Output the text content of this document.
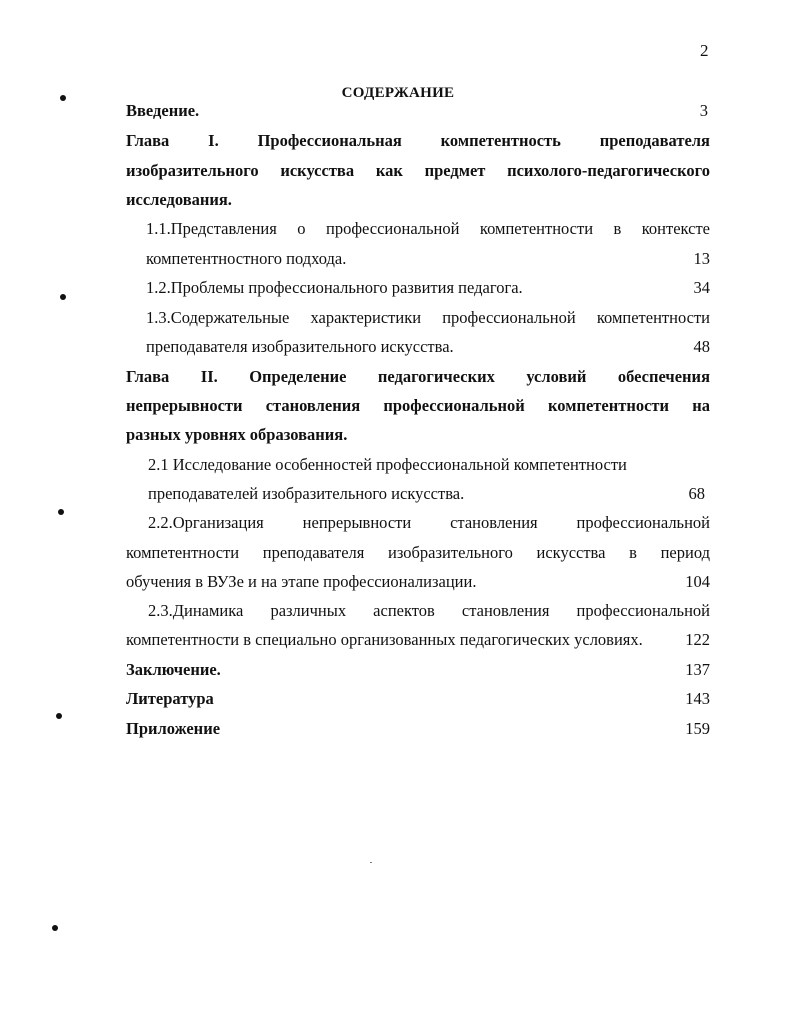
2
СОДЕРЖАНИЕ
Введение.	3
Глава I. Профессиональная компетентность преподавателя
изобразительного искусства как предмет психолого-педагогического
исследования.
1.1.Представления о профессиональной компетентности в контексте
компетентностного подхода.	13
1.2.Проблемы профессионального развития педагога.	34
1.3.Содержательные характеристики профессиональной компетентности
преподавателя изобразительного искусства.	48
Глава II. Определение педагогических условий обеспечения
непрерывности становления профессиональной компетентности на
разных уровнях образования.
2.1 Исследование особенностей профессиональной компетентности
преподавателей изобразительного искусства.	68
2.2.Организация непрерывности становления профессиональной
компетентности преподавателя изобразительного искусства в период
обучения в ВУЗе и на этапе профессионализации.	104
2.3.Динамика различных аспектов становления профессиональной
компетентности в специально организованных педагогических условиях.	122
Заключение.	137
Литература	143
Приложение	159
